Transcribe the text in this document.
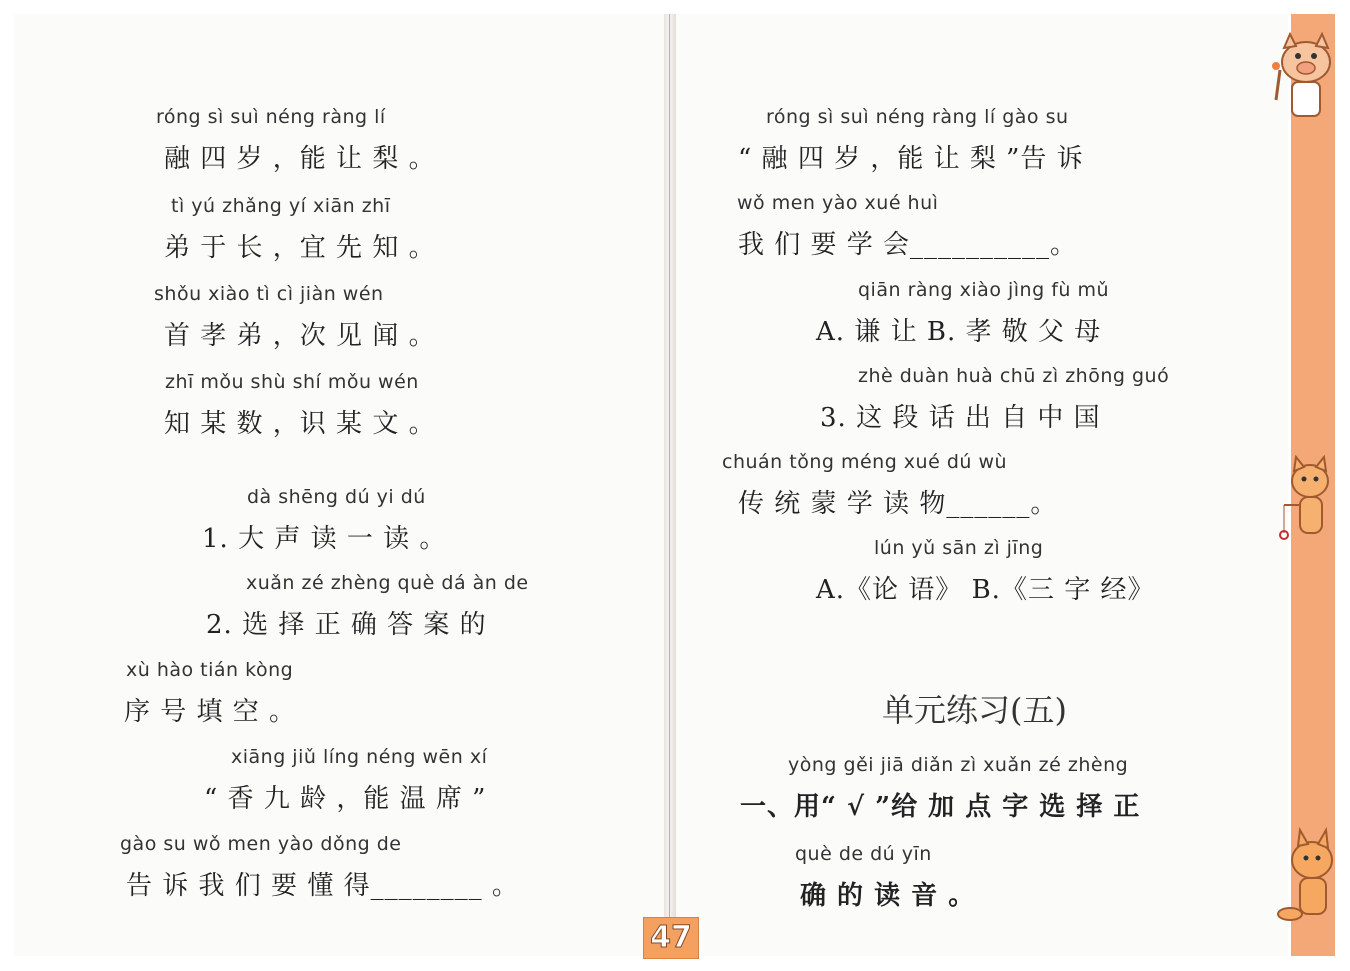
róng sì suì néng ràng lí
融 四 岁 ，能 让 梨 。
tì yú zhǎng yí xiān zhī
弟 于 长 ，宜 先 知 。
shǒu xiào tì cì jiàn wén
首 孝 弟 ，次 见 闻 。
zhī mǒu shù shí mǒu wén
知 某 数 ，识 某 文 。
dà shēng dú yi dú
1. 大 声 读 一 读 。
xuǎn zé zhèng què dá àn de
2. 选 择 正 确 答 案 的
xù hào tián kòng
序 号 填 空 。
xiāng jiǔ líng néng wēn xí
“ 香 九 龄 ，能 温 席 ”
gào su wǒ men yào dǒng de
告 诉 我 们 要 懂 得________ 。
róng sì suì néng ràng lí gào su
“ 融 四 岁 ，能 让 梨 ”告 诉
wǒ men yào xué huì
我 们 要 学 会__________。
qiān ràng xiào jìng fù mǔ
A. 谦 让 B. 孝 敬 父 母
zhè duàn huà chū zì zhōng guó
3. 这 段 话 出 自 中 国
chuán tǒng méng xué dú wù
传 统 蒙 学 读 物______。
lún yǔ sān zì jīng
A.《论 语》 B.《三 字 经》
单元练习(五)
yòng gěi jiā diǎn zì xuǎn zé zhèng
一、用“ √ ”给 加 点 字 选 择 正
què de dú yīn
确 的 读 音 。
47
